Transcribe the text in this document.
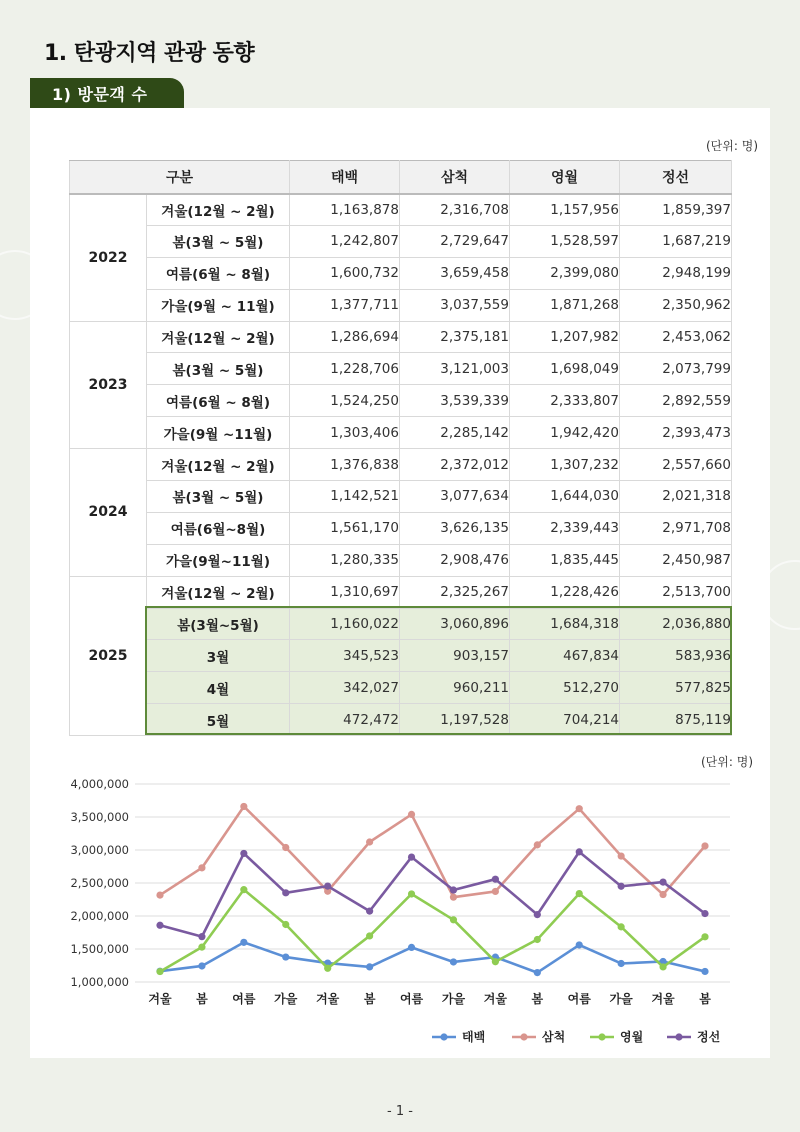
1. 탄광지역 관광 동향
1) 방문객 수
(단위: 명)
구분		태백	삼척	영월	정선
2022	겨울(12월 ~ 2월)	1,163,878	2,316,708	1,157,956	1,859,397
	봄(3월 ~ 5월)	1,242,807	2,729,647	1,528,597	1,687,219
	여름(6월 ~ 8월)	1,600,732	3,659,458	2,399,080	2,948,199
	가을(9월 ~ 11월)	1,377,711	3,037,559	1,871,268	2,350,962
2023	겨울(12월 ~ 2월)	1,286,694	2,375,181	1,207,982	2,453,062
	봄(3월 ~ 5월)	1,228,706	3,121,003	1,698,049	2,073,799
	여름(6월 ~ 8월)	1,524,250	3,539,339	2,333,807	2,892,559
	가을(9월 ~11월)	1,303,406	2,285,142	1,942,420	2,393,473
2024	겨울(12월 ~ 2월)	1,376,838	2,372,012	1,307,232	2,557,660
	봄(3월 ~ 5월)	1,142,521	3,077,634	1,644,030	2,021,318
	여름(6월~8월)	1,561,170	3,626,135	2,339,443	2,971,708
	가을(9월~11월)	1,280,335	2,908,476	1,835,445	2,450,987
2025	겨울(12월 ~ 2월)	1,310,697	2,325,267	1,228,426	2,513,700
	봄(3월~5월)	1,160,022	3,060,896	1,684,318	2,036,880
	3월	345,523	903,157	467,834	583,936
	4월	342,027	960,211	512,270	577,825
	5월	472,472	1,197,528	704,214	875,119
(단위: 명)
1,000,000
1,500,000
2,000,000
2,500,000
3,000,000
3,500,000
4,000,000
겨울 봄 여름 가을 겨울 봄 여름 가을 겨울 봄 여름 가을 겨울 봄
태백	삼척	영월	정선
- 1 -
